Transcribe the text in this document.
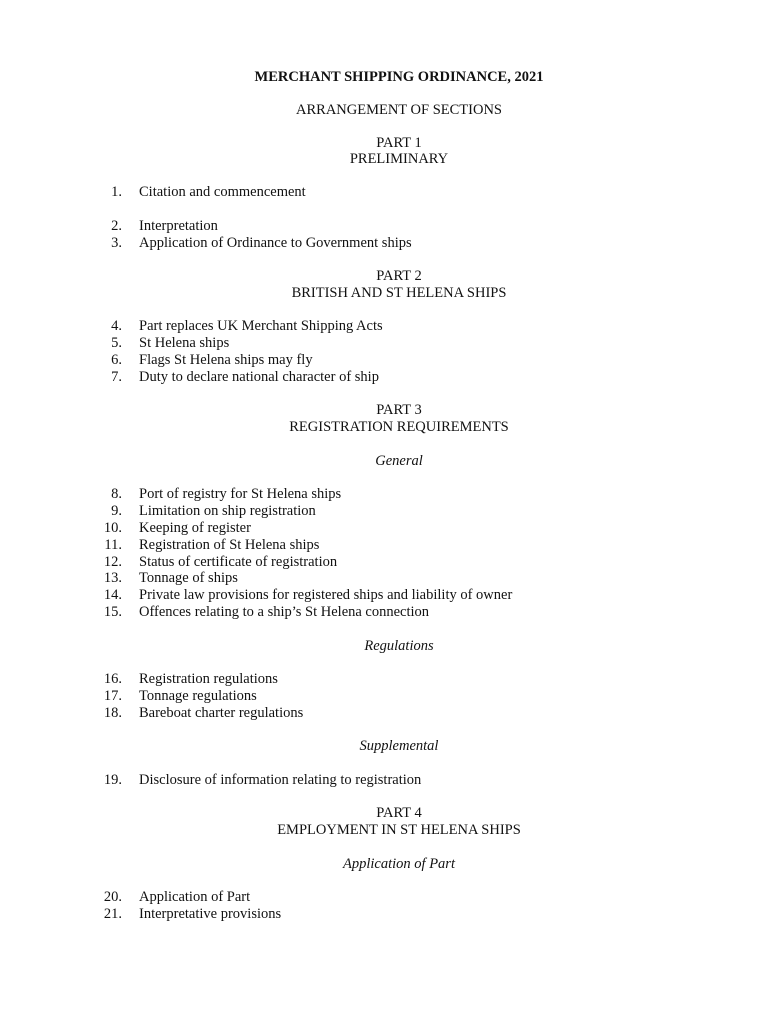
MERCHANT SHIPPING ORDINANCE, 2021
ARRANGEMENT OF SECTIONS
PART 1
PRELIMINARY
1. Citation and commencement
2. Interpretation
3. Application of Ordinance to Government ships
PART 2
BRITISH AND ST HELENA SHIPS
4. Part replaces UK Merchant Shipping Acts
5. St Helena ships
6. Flags St Helena ships may fly
7. Duty to declare national character of ship
PART 3
REGISTRATION REQUIREMENTS
General
8. Port of registry for St Helena ships
9. Limitation on ship registration
10. Keeping of register
11. Registration of St Helena ships
12. Status of certificate of registration
13. Tonnage of ships
14. Private law provisions for registered ships and liability of owner
15. Offences relating to a ship’s St Helena connection
Regulations
16. Registration regulations
17. Tonnage regulations
18. Bareboat charter regulations
Supplemental
19. Disclosure of information relating to registration
PART 4
EMPLOYMENT IN ST HELENA SHIPS
Application of Part
20. Application of Part
21. Interpretative provisions
